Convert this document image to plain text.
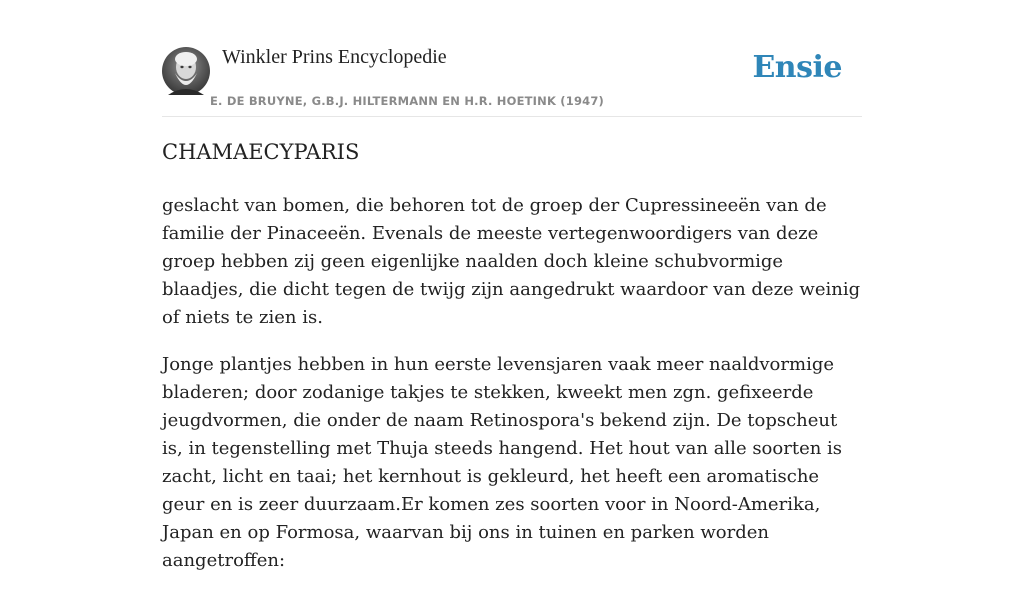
Winkler Prins Encyclopedie
E. DE BRUYNE, G.B.J. HILTERMANN EN H.R. HOETINK (1947)
Ensie
CHAMAECYPARIS

geslacht van bomen, die behoren tot de groep der Cupressineeën van de familie der Pinaceeën. Evenals de meeste vertegenwoordigers van deze groep hebben zij geen eigenlijke naalden doch kleine schubvormige blaadjes, die dicht tegen de twijg zijn aangedrukt waardoor van deze weinig of niets te zien is.

Jonge plantjes hebben in hun eerste levensjaren vaak meer naaldvormige bladeren; door zodanige takjes te stekken, kweekt men zgn. gefixeerde jeugdvormen, die onder de naam Retinospora's bekend zijn. De topscheut is, in tegenstelling met Thuja steeds hangend. Het hout van alle soorten is zacht, licht en taai; het kernhout is gekleurd, het heeft een aromatische geur en is zeer duurzaam.Er komen zes soorten voor in Noord-Amerika, Japan en op Formosa, waarvan bij ons in tuinen en parken worden aangetroffen:
